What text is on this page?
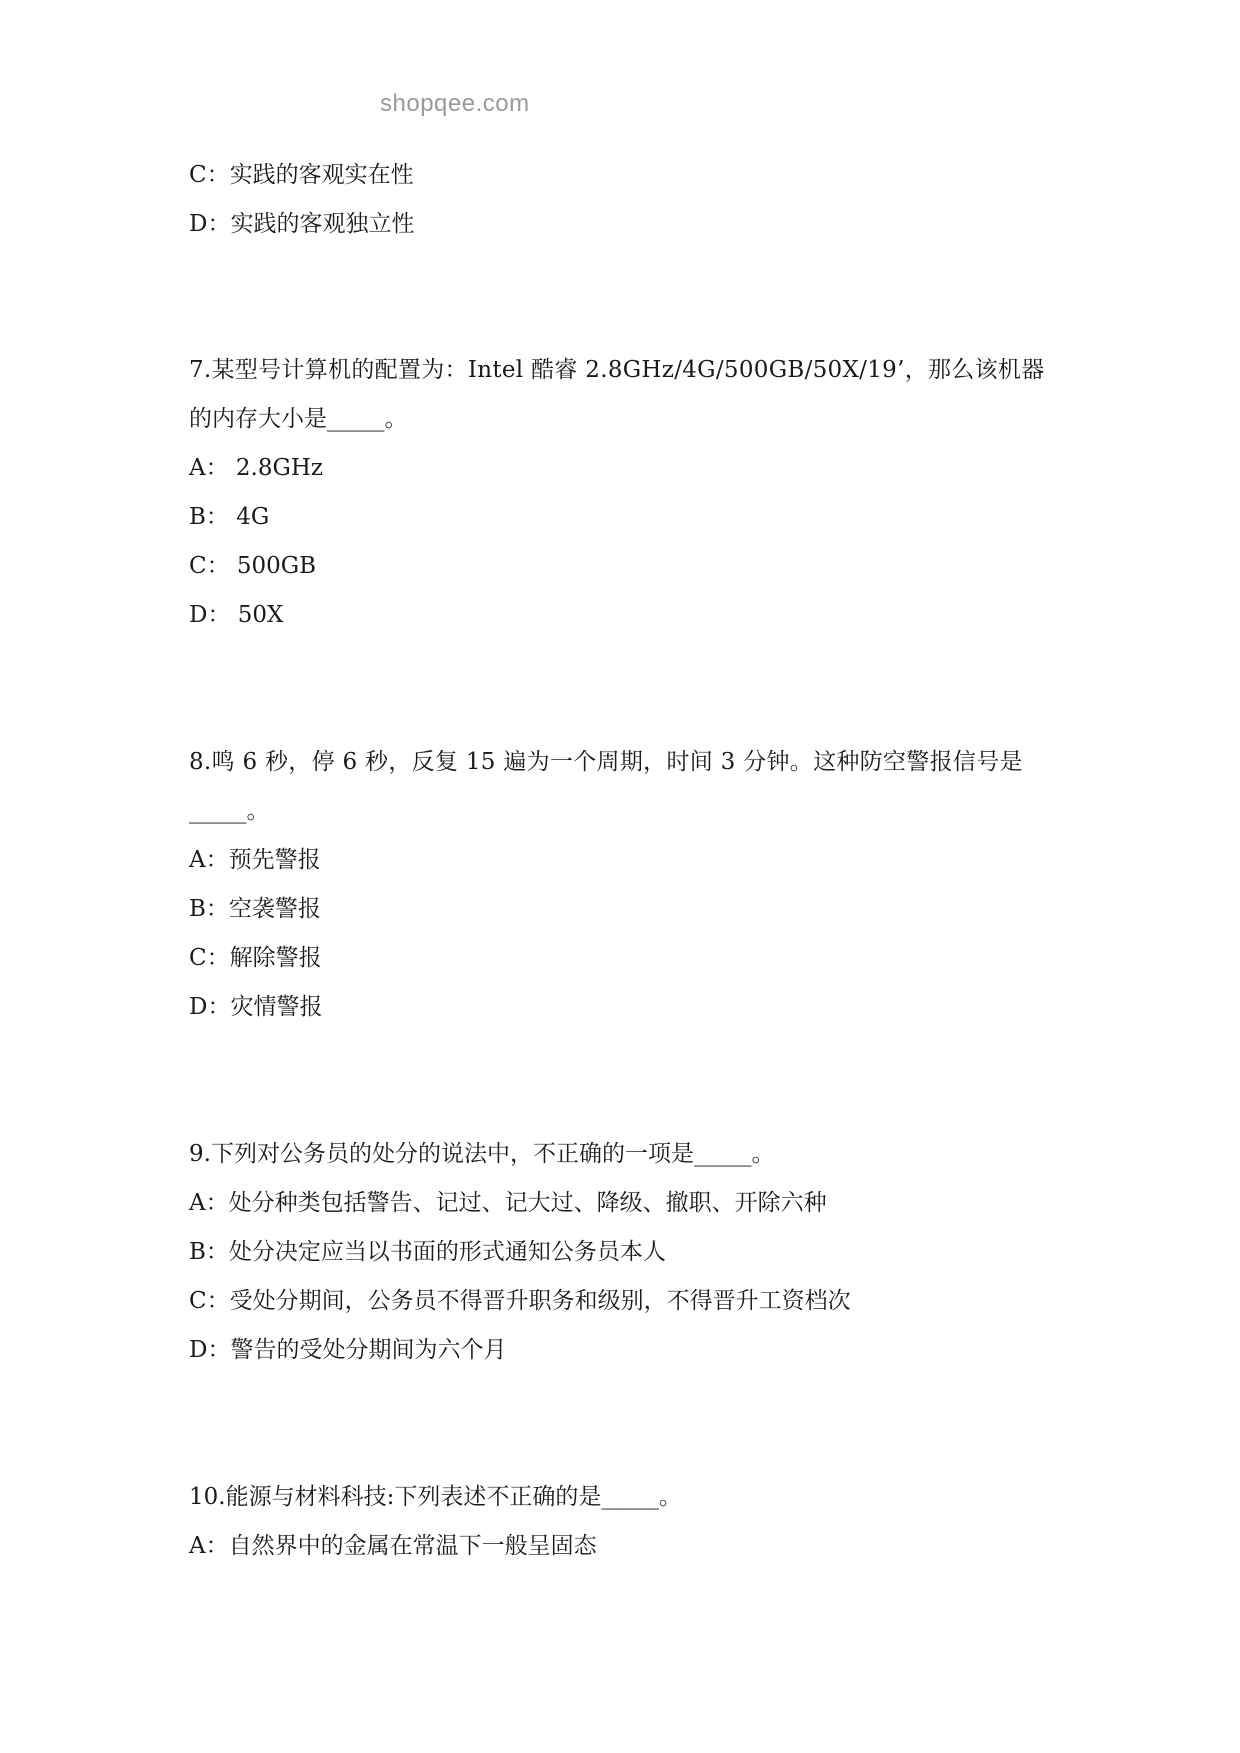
shopqee.com
C：实践的客观实在性
D：实践的客观独立性
7.某型号计算机的配置为：Intel 酷睿 2.8GHz/4G/500GB/50X/19’，那么该机器
的内存大小是_____。
A： 2.8GHz
B： 4G
C： 500GB
D： 50X
8.鸣 6 秒，停 6 秒，反复 15 遍为一个周期，时间 3 分钟。这种防空警报信号是
_____。
A：预先警报
B：空袭警报
C：解除警报
D：灾情警报
9.下列对公务员的处分的说法中，不正确的一项是_____。
A：处分种类包括警告、记过、记大过、降级、撤职、开除六种
B：处分决定应当以书面的形式通知公务员本人
C：受处分期间，公务员不得晋升职务和级别，不得晋升工资档次
D：警告的受处分期间为六个月
10.能源与材料科技:下列表述不正确的是_____。
A：自然界中的金属在常温下一般呈固态
